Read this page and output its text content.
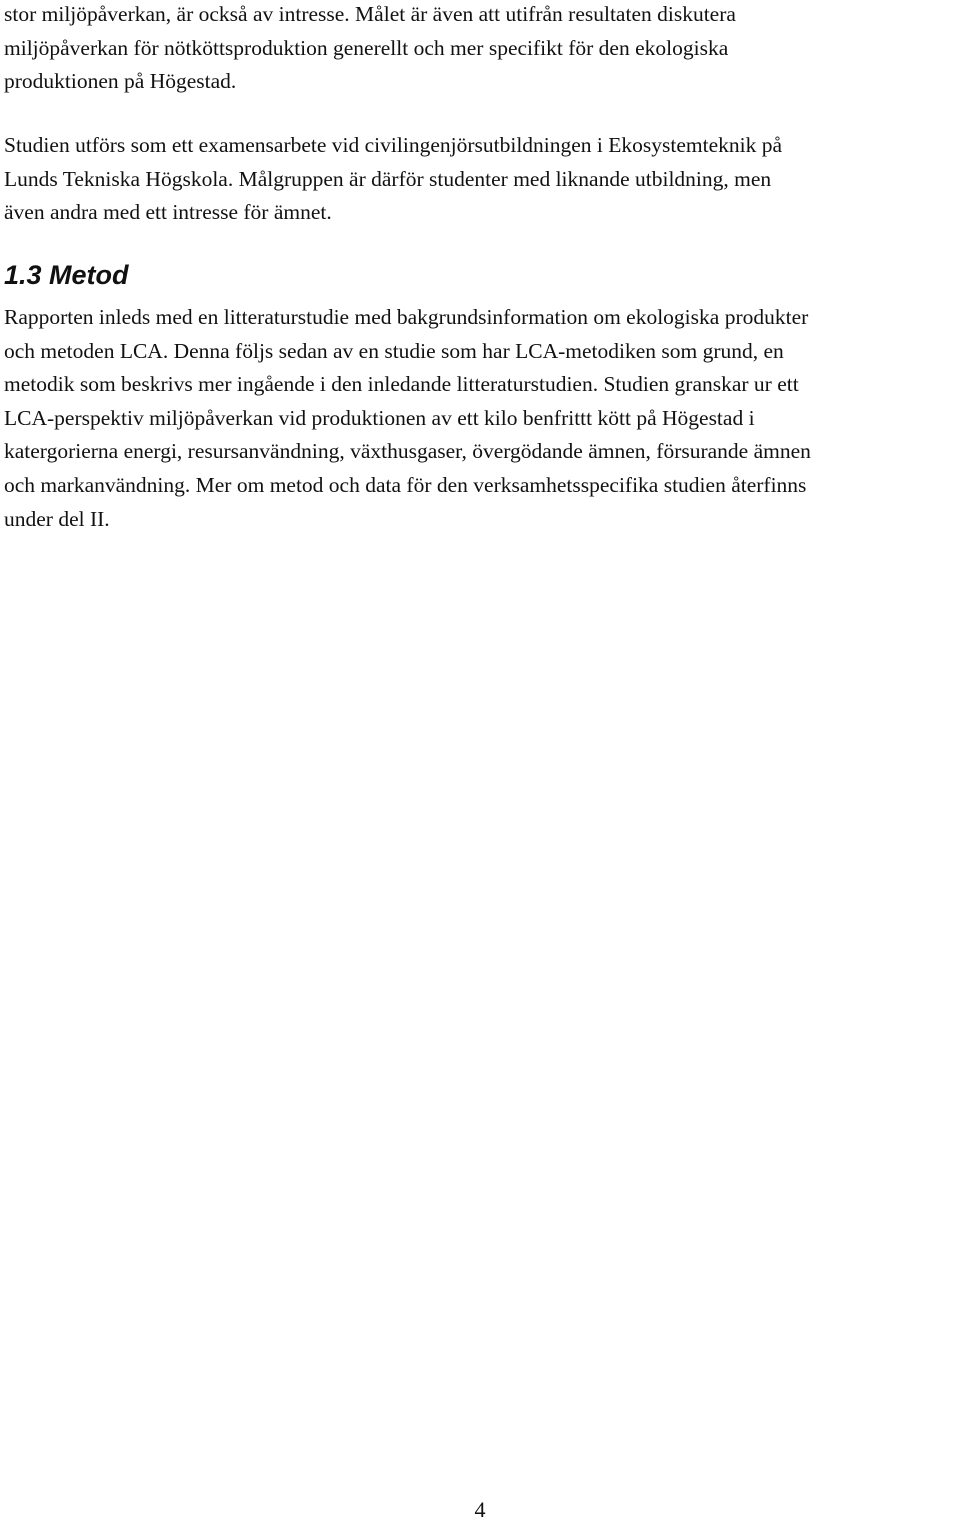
stor miljöpåverkan, är också av intresse. Målet är även att utifrån resultaten diskutera
miljöpåverkan för nötköttsproduktion generellt och mer specifikt för den ekologiska
produktionen på Högestad.

Studien utförs som ett examensarbete vid civilingenjörsutbildningen i Ekosystemteknik på
Lunds Tekniska Högskola. Målgruppen är därför studenter med liknande utbildning, men
även andra med ett intresse för ämnet.

1.3 Metod

Rapporten inleds med en litteraturstudie med bakgrundsinformation om ekologiska produkter
och metoden LCA. Denna följs sedan av en studie som har LCA-metodiken som grund, en
metodik som beskrivs mer ingående i den inledande litteraturstudien. Studien granskar ur ett
LCA-perspektiv miljöpåverkan vid produktionen av ett kilo benfrittt kött på Högestad i
katergorierna energi, resursanvändning, växthusgaser, övergödande ämnen, försurande ämnen
och markanvändning. Mer om metod och data för den verksamhetsspecifika studien återfinns
under del II.

4
